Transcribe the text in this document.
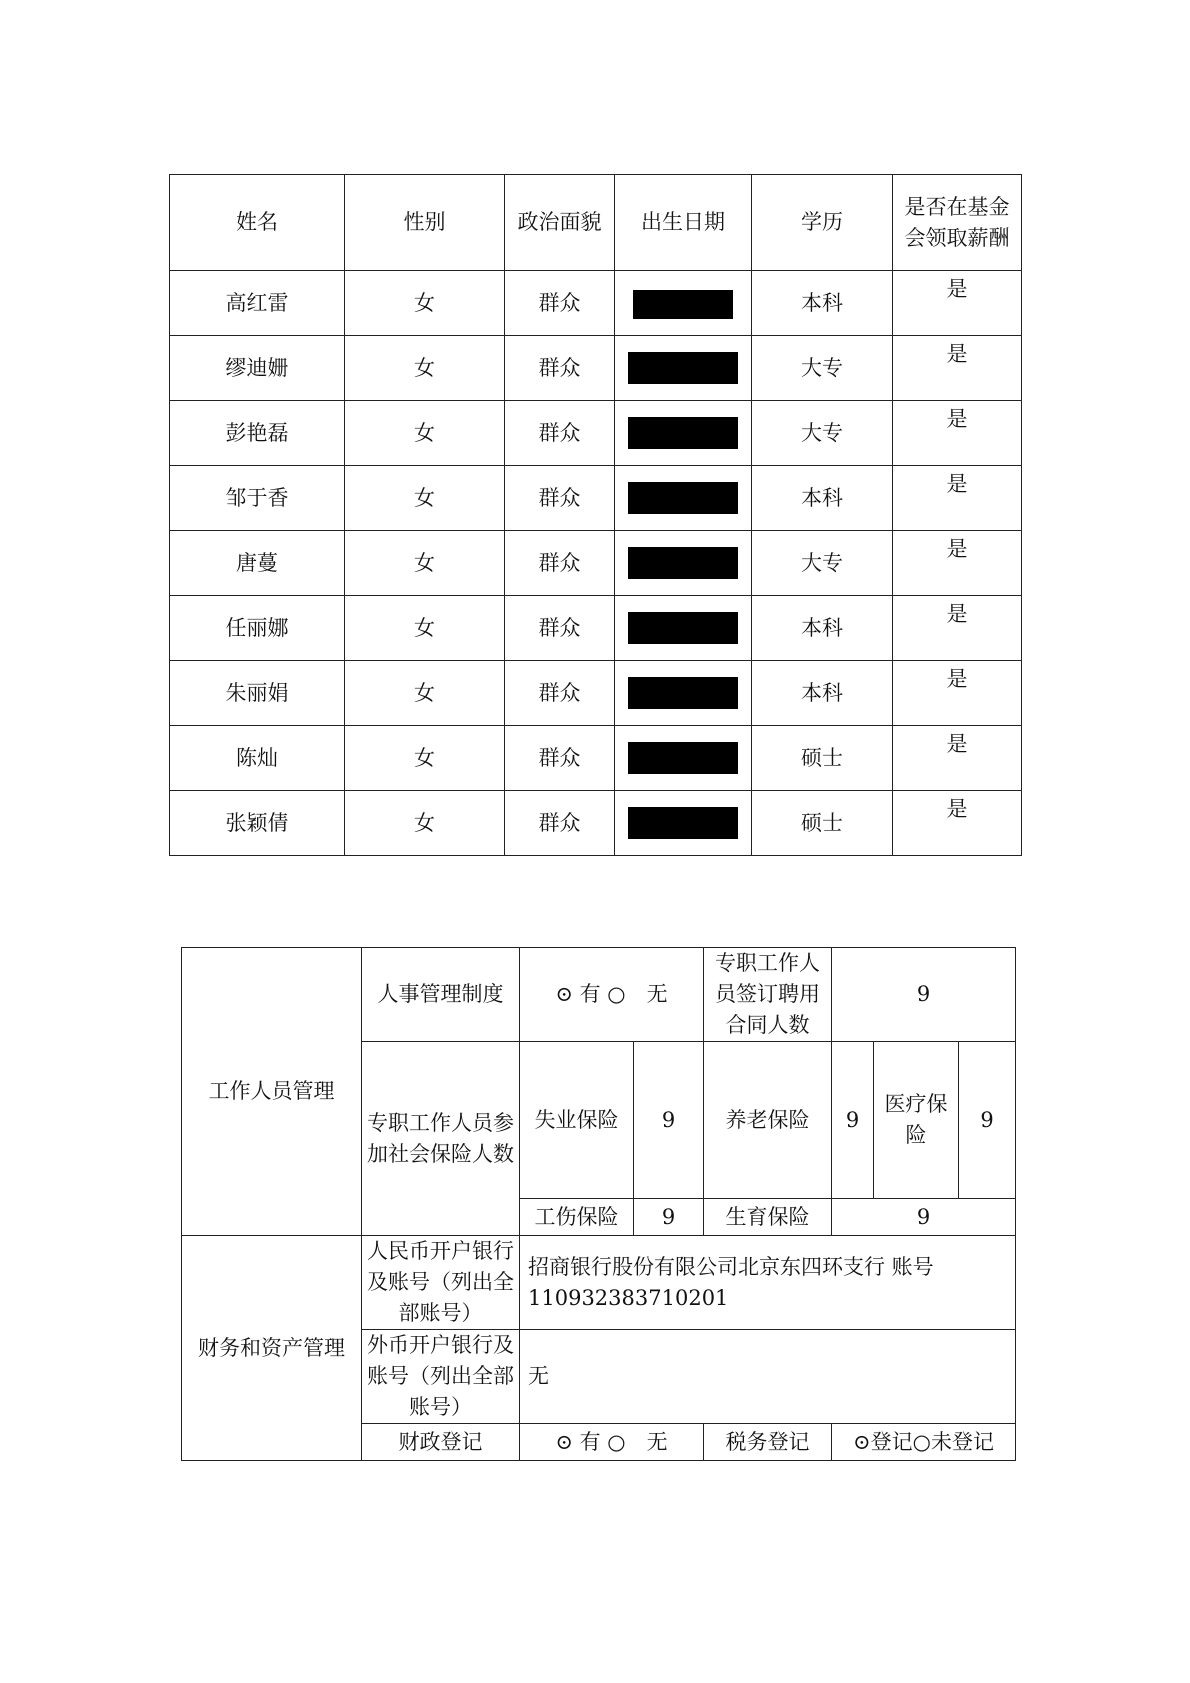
姓名	性别	政治面貌	出生日期	学历	是否在基金会领取薪酬
高红雷	女	群众		本科	是
缪迪姗	女	群众		大专	是
彭艳磊	女	群众		大专	是
邹于香	女	群众		本科	是
唐蔓	女	群众		大专	是
任丽娜	女	群众		本科	是
朱丽娟	女	群众		本科	是
陈灿	女	群众		硕士	是
张颖倩	女	群众		硕士	是
工作人员管理	人事管理制度	⊙ 有 ○　无		专职工作人员签订聘用合同人数	9		
	专职工作人员参加社会保险人数	失业保险	9	养老保险	9	医疗保险	9
		工伤保险	9	生育保险	9		
财务和资产管理	人民币开户银行及账号（列出全部账号）	招商银行股份有限公司北京东四环支行 账号110932383710201					
	外币开户银行及账号（列出全部账号）	无					
	财政登记	⊙ 有 ○　无		税务登记	⊙登记○未登记		
